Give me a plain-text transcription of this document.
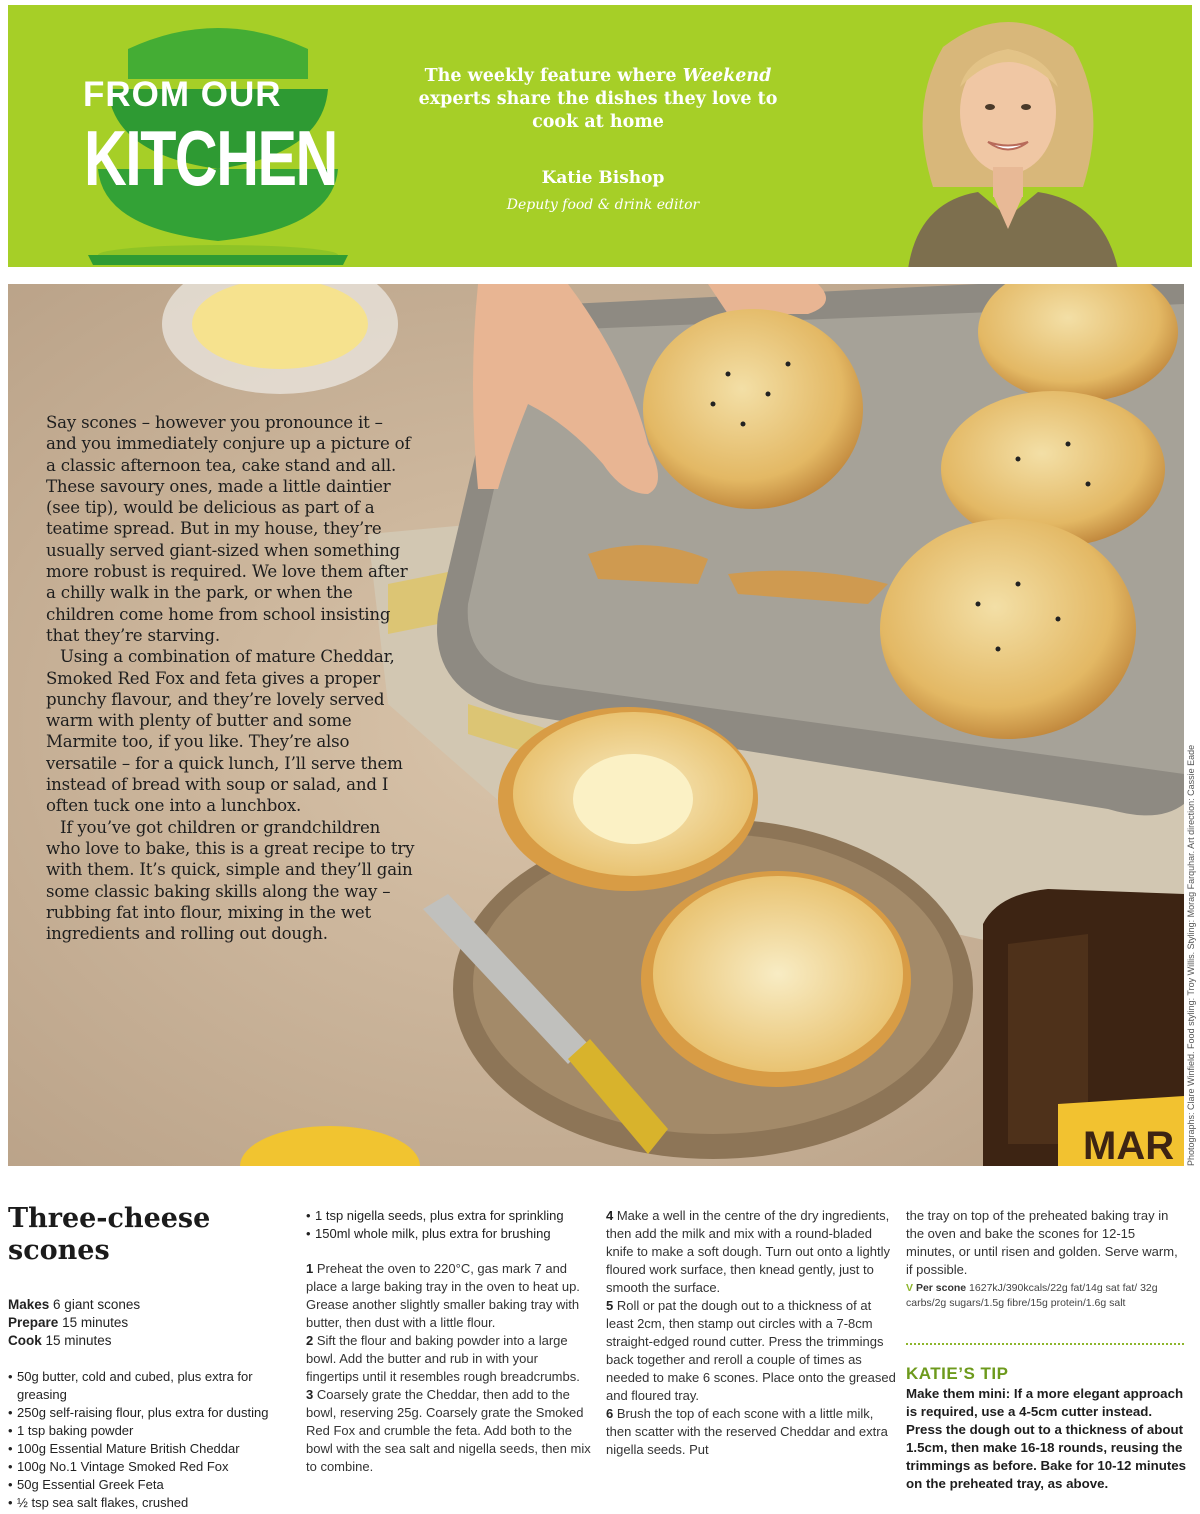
FROM OUR
KITCHEN
The weekly feature where Weekend experts share the dishes they love to cook at home
Katie Bishop
Deputy food & drink editor
MAR

Say scones – however you pronounce it – and you immediately conjure up a picture of a classic afternoon tea, cake stand and all. These savoury ones, made a little daintier (see tip), would be delicious as part of a teatime spread. But in my house, they’re usually served giant-sized when something more robust is required. We love them after a chilly walk in the park, or when the children come home from school insisting that they’re starving.

Using a combination of mature Cheddar, Smoked Red Fox and feta gives a proper punchy flavour, and they’re lovely served warm with plenty of butter and some Marmite too, if you like. They’re also versatile – for a quick lunch, I’ll serve them instead of bread with soup or salad, and I often tuck one into a lunchbox.

If you’ve got children or grandchildren who love to bake, this is a great recipe to try with them. It’s quick, simple and they’ll gain some classic baking skills along the way – rubbing fat into flour, mixing in the wet ingredients and rolling out dough.	Photographs: Clare Winfield. Food styling: Troy Willis. Styling: Morag Farquhar. Art direction: Cassie Eade
Three-cheese scones
Makes 6 giant scones
Prepare 15 minutes
Cook 15 minutes
• 50g butter, cold and cubed, plus extra for greasing
• 250g self-raising flour, plus extra for dusting
• 1 tsp baking powder
• 100g Essential Mature British Cheddar
• 100g No.1 Vintage Smoked Red Fox
• 50g Essential Greek Feta
• ½ tsp sea salt flakes, crushed
• 1 tsp nigella seeds, plus extra for sprinkling
• 150ml whole milk, plus extra for brushing

1 Preheat the oven to 220°C, gas mark 7 and place a large baking tray in the oven to heat up. Grease another slightly smaller baking tray with butter, then dust with a little flour.

2 Sift the flour and baking powder into a large bowl. Add the butter and rub in with your fingertips until it resembles rough breadcrumbs.

3 Coarsely grate the Cheddar, then add to the bowl, reserving 25g. Coarsely grate the Smoked Red Fox and crumble the feta. Add both to the bowl with the sea salt and nigella seeds, then mix to combine.

4 Make a well in the centre of the dry ingredients, then add the milk and mix with a round-bladed knife to make a soft dough. Turn out onto a lightly floured work surface, then knead gently, just to smooth the surface.

5 Roll or pat the dough out to a thickness of at least 2cm, then stamp out circles with a 7-8cm straight-edged round cutter. Press the trimmings back together and reroll a couple of times as needed to make 6 scones. Place onto the greased and floured tray.

6 Brush the top of each scone with a little milk, then scatter with the reserved Cheddar and extra nigella seeds. Put

the tray on top of the preheated baking tray in the oven and bake the scones for 12-15 minutes, or until risen and golden. Serve warm, if possible.

V Per scone 1627kJ/390kcals/22g fat/14g sat fat/ 32g carbs/2g sugars/1.5g fibre/15g protein/1.6g salt
KATIE’S TIP
Make them mini: If a more elegant approach is required, use a 4-5cm cutter instead. Press the dough out to a thickness of about 1.5cm, then make 16-18 rounds, reusing the trimmings as before. Bake for 10-12 minutes on the preheated tray, as above.
